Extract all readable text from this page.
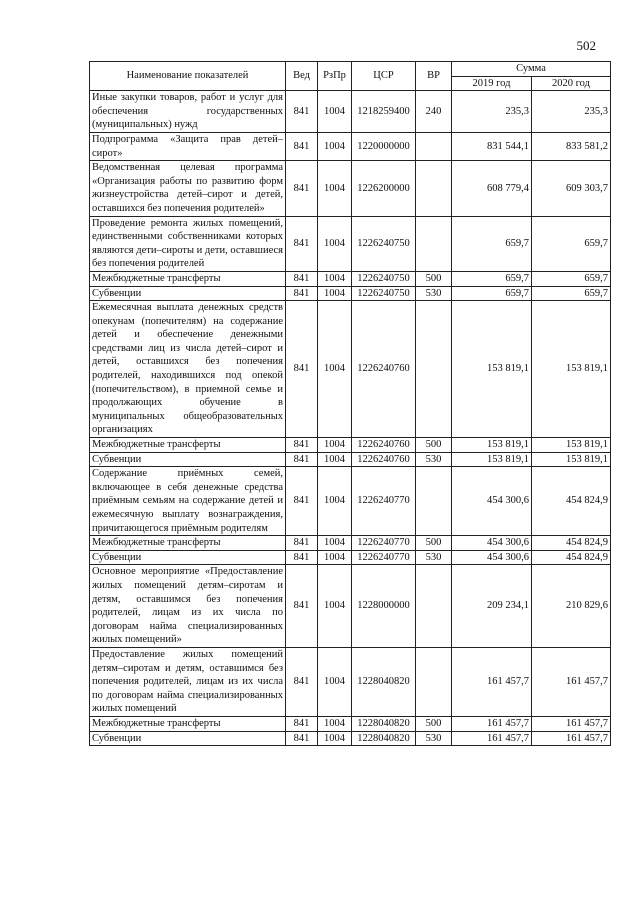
502
Наименование показателей	Вед	РзПр	ЦСР	ВР	Сумма	
					2019 год	2020 год
Иные закупки товаров, работ и услуг для обеспечения государственных (муниципальных) нужд	841	1004	1218259400	240	235,3	235,3
Подпрограмма «Защита прав детей–сирот»	841	1004	1220000000		831 544,1	833 581,2
Ведомственная целевая программа «Организация работы по развитию форм жизнеустройства детей–сирот и детей, оставшихся без попечения родителей»	841	1004	1226200000		608 779,4	609 303,7
Проведение ремонта жилых помещений, единственными собственниками которых являются дети–сироты и дети, оставшиеся без попечения родителей	841	1004	1226240750		659,7	659,7
Межбюджетные трансферты	841	1004	1226240750	500	659,7	659,7
Субвенции	841	1004	1226240750	530	659,7	659,7
Ежемесячная выплата денежных средств опекунам (попечителям) на содержание детей и обеспечение денежными средствами лиц из числа детей–сирот и детей, оставшихся без попечения родителей, находившихся под опекой (попечительством), в приемной семье и продолжающих обучение в муниципальных общеобразовательных организациях	841	1004	1226240760		153 819,1	153 819,1
Межбюджетные трансферты	841	1004	1226240760	500	153 819,1	153 819,1
Субвенции	841	1004	1226240760	530	153 819,1	153 819,1
Содержание приёмных семей, включающее в себя денежные средства приёмным семьям на содержание детей и ежемесячную выплату вознаграждения, причитающегося приёмным родителям	841	1004	1226240770		454 300,6	454 824,9
Межбюджетные трансферты	841	1004	1226240770	500	454 300,6	454 824,9
Субвенции	841	1004	1226240770	530	454 300,6	454 824,9
Основное мероприятие «Предоставление жилых помещений детям–сиротам и детям, оставшимся без попечения родителей, лицам из их числа по договорам найма специализированных жилых помещений»	841	1004	1228000000		209 234,1	210 829,6
Предоставление жилых помещений детям–сиротам и детям, оставшимся без попечения родителей, лицам из их числа по договорам найма специализированных жилых помещений	841	1004	1228040820		161 457,7	161 457,7
Межбюджетные трансферты	841	1004	1228040820	500	161 457,7	161 457,7
Субвенции	841	1004	1228040820	530	161 457,7	161 457,7
